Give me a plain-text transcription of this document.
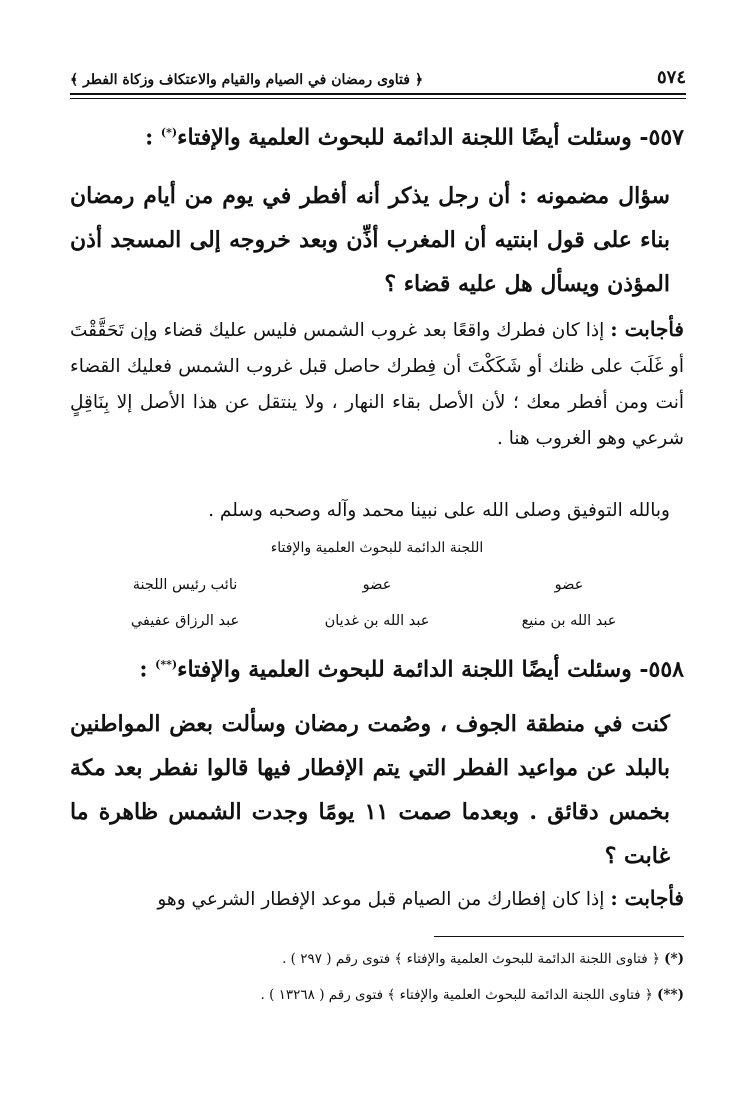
٥٧٤
﴿ فتاوى رمضان في الصيام والقيام والاعتكاف وزكاة الفطر ﴾
٥٥٧- وسئلت أيضًا اللجنة الدائمة للبحوث العلمية والإفتاء(*) :
سؤال مضمونه : أن رجل يذكر أنه أفطر في يوم من أيام رمضان بناء على قول ابنتيه أن المغرب أذِّن وبعد خروجه إلى المسجد أذن المؤذن ويسأل هل عليه قضاء ؟
فأجابت : إذا كان فطرك واقعًا بعد غروب الشمس فليس عليك قضاء وإن تَحَقَّقْتَ أو غَلَبَ على ظنك أو شَكَكْتَ أن فِطرك حاصل قبل غروب الشمس فعليك القضاء أنت ومن أفطر معك ؛ لأن الأصل بقاء النهار ، ولا ينتقل عن هذا الأصل إلا بِنَاقِلٍ شرعي وهو الغروب هنا .
وبالله التوفيق وصلى الله على نبينا محمد وآله وصحبه وسلم .
اللجنة الدائمة للبحوث العلمية والإفتاء
عضو
عضو
نائب رئيس اللجنة
عبد الله بن منيع
عبد الله بن غديان
عبد الرزاق عفيفي
٥٥٨- وسئلت أيضًا اللجنة الدائمة للبحوث العلمية والإفتاء(**) :
كنت في منطقة الجوف ، وصُمت رمضان وسألت بعض المواطنين بالبلد عن مواعيد الفطر التي يتم الإفطار فيها قالوا نفطر بعد مكة بخمس دقائق . وبعدما صمت ١١ يومًا وجدت الشمس ظاهرة ما غابت ؟
فأجابت : إذا كان إفطارك من الصيام قبل موعد الإفطار الشرعي وهو
(*) ﴿ فتاوى اللجنة الدائمة للبحوث العلمية والإفتاء ﴾ فتوى رقم ( ٢٩٧ ) .
(**) ﴿ فتاوى اللجنة الدائمة للبحوث العلمية والإفتاء ﴾ فتوى رقم ( ١٣٢٦٨ ) .
